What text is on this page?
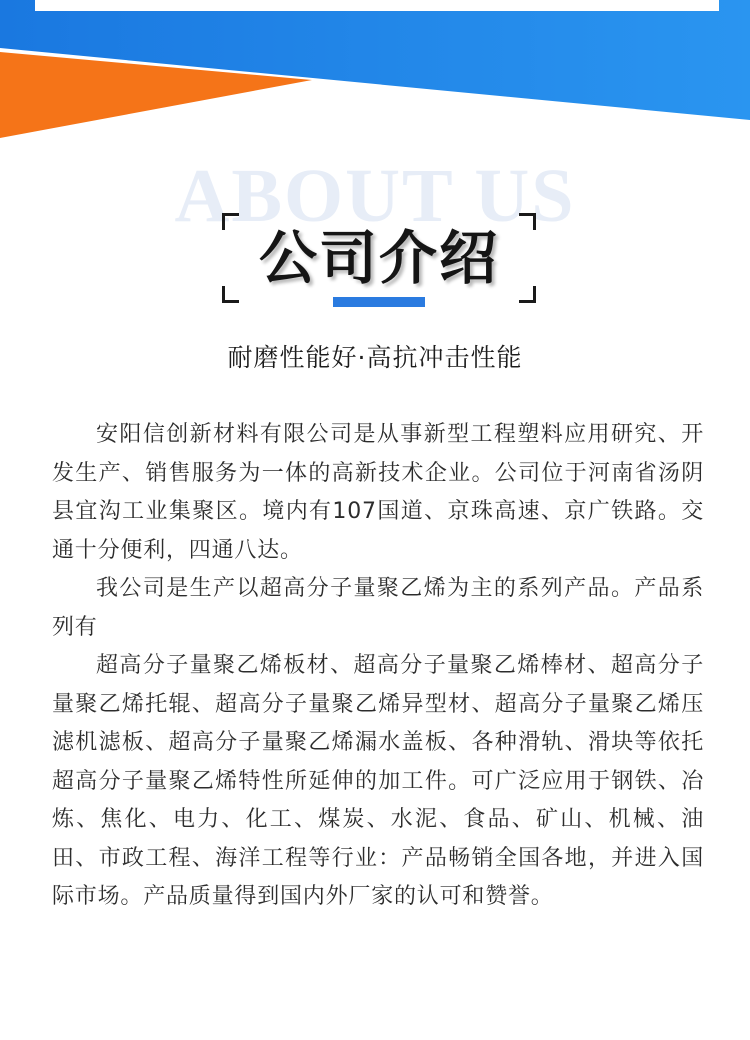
ABOUT US
公司介绍
耐磨性能好·高抗冲击性能

安阳信创新材料有限公司是从事新型工程塑料应用研究、开发生产、销售服务为一体的高新技术企业。公司位于河南省汤阴县宜沟工业集聚区。境内有107国道、京珠高速、京广铁路。交通十分便利，四通八达。

我公司是生产以超高分子量聚乙烯为主的系列产品。产品系列有

超高分子量聚乙烯板材、超高分子量聚乙烯棒材、超高分子量聚乙烯托辊、超高分子量聚乙烯异型材、超高分子量聚乙烯压滤机滤板、超高分子量聚乙烯漏水盖板、各种滑轨、滑块等依托超高分子量聚乙烯特性所延伸的加工件。可广泛应用于钢铁、冶炼、焦化、电力、化工、煤炭、水泥、食品、矿山、机械、油田、市政工程、海洋工程等行业：产品畅销全国各地，并进入国际市场。产品质量得到国内外厂家的认可和赞誉。
